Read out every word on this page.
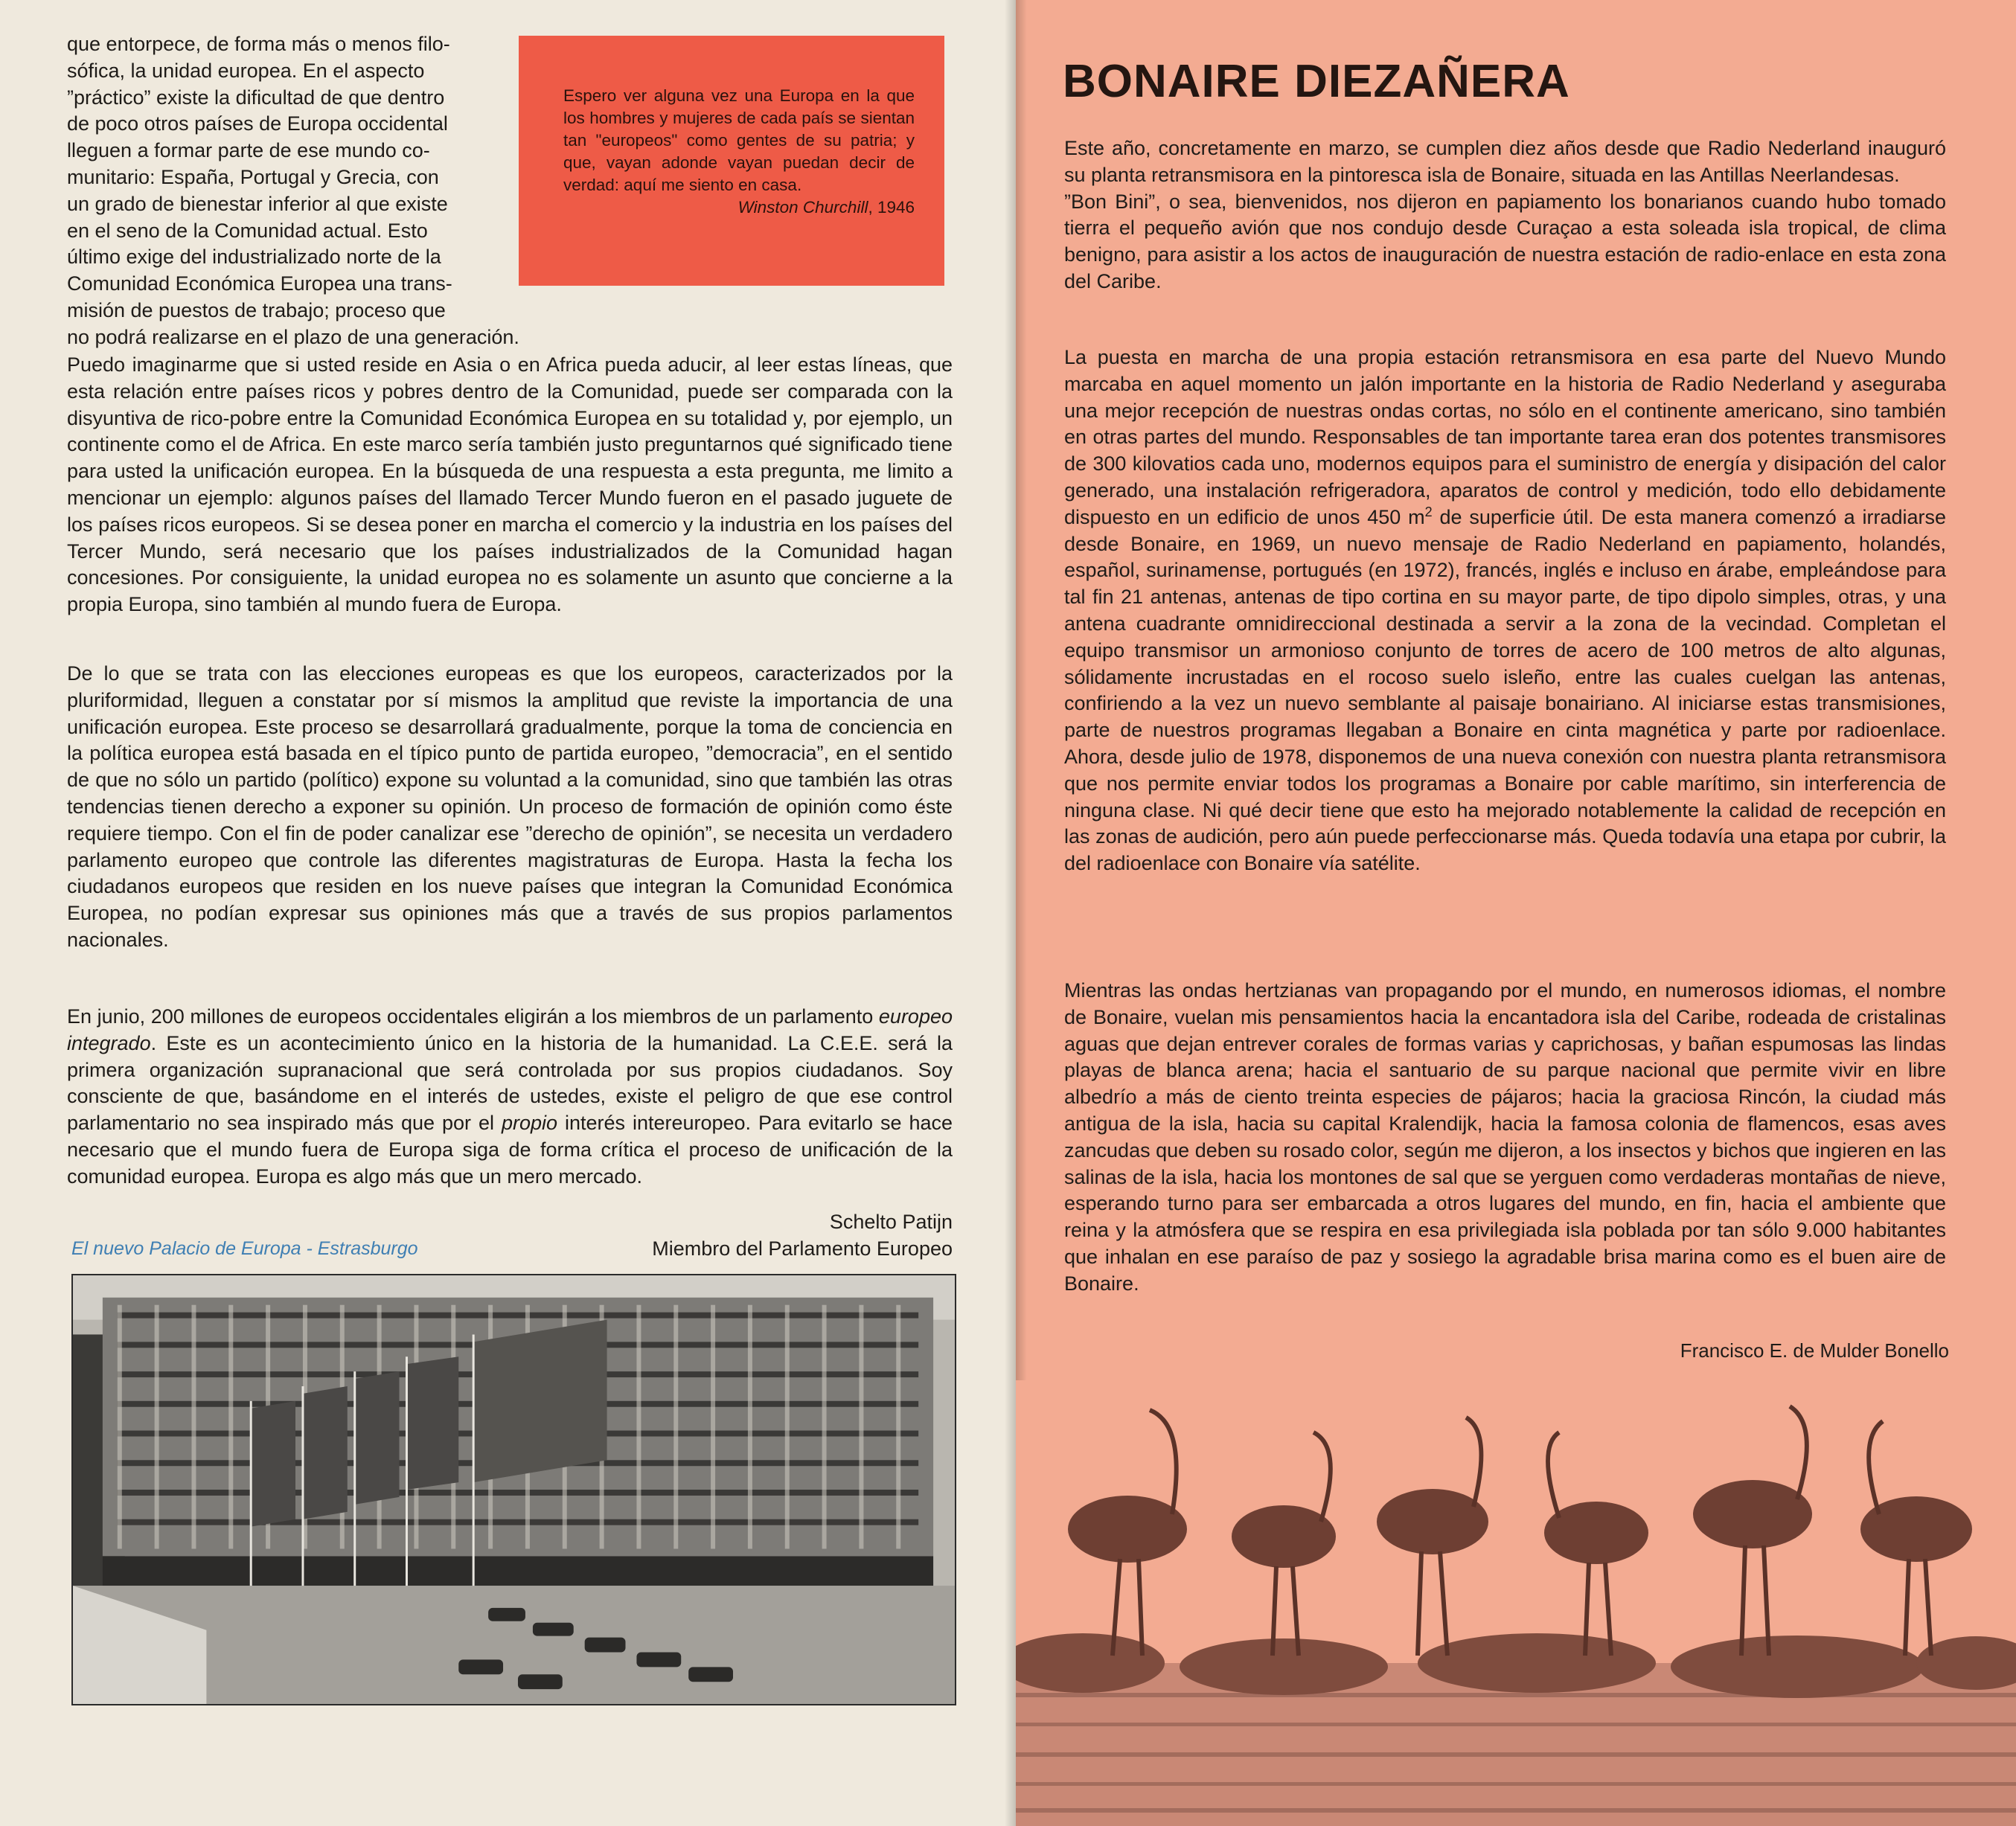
que entorpece, de forma más o menos filo-

sófica, la unidad europea. En el aspecto

”práctico” existe la dificultad de que dentro

de poco otros países de Europa occidental

lleguen a formar parte de ese mundo co-

munitario: España, Portugal y Grecia, con

un grado de bienestar inferior al que existe

en el seno de la Comunidad actual. Esto

último exige del industrializado norte de la

Comunidad Económica Europea una trans-

misión de puestos de trabajo; proceso que

no podrá realizarse en el plazo de una generación.

Espero ver alguna vez una Europa en la que los hombres y mujeres de cada país se sientan tan "europeos" como gentes de su patria; y que, vayan adonde vayan puedan decir de verdad: aquí me siento en casa.
Winston Churchill, 1946

Puedo imaginarme que si usted reside en Asia o en Africa pueda aducir, al leer estas líneas, que esta relación entre países ricos y pobres dentro de la Comunidad, puede ser comparada con la disyuntiva de rico-pobre entre la Comunidad Económica Europea en su totalidad y, por ejemplo, un continente como el de Africa. En este marco sería también justo preguntarnos qué significado tiene para usted la unificación europea. En la búsqueda de una respuesta a esta pregunta, me limito a mencionar un ejemplo: algunos países del llamado Tercer Mundo fueron en el pasado juguete de los países ricos europeos. Si se desea poner en marcha el comercio y la industria en los países del Tercer Mundo, será necesario que los países industrializados de la Comunidad hagan concesiones. Por consiguiente, la unidad europea no es solamente un asunto que concierne a la propia Europa, sino también al mundo fuera de Europa.

De lo que se trata con las elecciones europeas es que los europeos, caracterizados por la pluriformidad, lleguen a constatar por sí mismos la amplitud que reviste la importancia de una unificación europea. Este proceso se desarrollará gradualmente, porque la toma de conciencia en la política europea está basada en el típico punto de partida europeo, ”democracia”, en el sentido de que no sólo un partido (político) expone su voluntad a la comunidad, sino que también las otras tendencias tienen derecho a exponer su opinión. Un proceso de formación de opinión como éste requiere tiempo. Con el fin de poder canalizar ese ”derecho de opinión”, se necesita un verdadero parlamento europeo que controle las diferentes magistraturas de Europa. Hasta la fecha los ciudadanos europeos que residen en los nueve países que integran la Comunidad Económica Europea, no podían expresar sus opiniones más que a través de sus propios parlamentos nacionales.

En junio, 200 millones de europeos occidentales eligirán a los miembros de un parlamento europeo integrado. Este es un acontecimiento único en la historia de la humanidad. La C.E.E. será la primera organización supranacional que será controlada por sus propios ciudadanos. Soy consciente de que, basándome en el interés de ustedes, existe el peligro de que ese control parlamentario no sea inspirado más que por el propio interés intereuropeo. Para evitarlo se hace necesario que el mundo fuera de Europa siga de forma crítica el proceso de unificación de la comunidad europea. Europa es algo más que un mero mercado.

Schelto Patijn
Miembro del Parlamento Europeo
El nuevo Palacio de Europa - Estrasburgo
BONAIRE DIEZAÑERA

Este año, concretamente en marzo, se cumplen diez años desde que Radio Nederland inauguró su planta retransmisora en la pintoresca isla de Bonaire, situada en las Antillas Neerlandesas.

”Bon Bini”, o sea, bienvenidos, nos dijeron en papiamento los bonarianos cuando hubo tomado tierra el pequeño avión que nos condujo desde Curaçao a esta soleada isla tropical, de clima benigno, para asistir a los actos de inauguración de nuestra estación de radio-enlace en esta zona del Caribe.

La puesta en marcha de una propia estación retransmisora en esa parte del Nuevo Mundo marcaba en aquel momento un jalón importante en la historia de Radio Nederland y aseguraba una mejor recepción de nuestras ondas cortas, no sólo en el continente americano, sino también en otras partes del mundo. Responsables de tan importante tarea eran dos potentes transmisores de 300 kilovatios cada uno, modernos equipos para el suministro de energía y disipación del calor generado, una instalación refrigeradora, aparatos de control y medición, todo ello debidamente dispuesto en un edificio de unos 450 $m^2$ de superficie útil. De esta manera comenzó a irradiarse desde Bonaire, en 1969, un nuevo mensaje de Radio Nederland en papiamento, holandés, español, surinamense, portugués (en 1972), francés, inglés e incluso en árabe, empleándose para tal fin 21 antenas, antenas de tipo cortina en su mayor parte, de tipo dipolo simples, otras, y una antena cuadrante omnidireccional destinada a servir a la zona de la vecindad. Completan el equipo transmisor un armonioso conjunto de torres de acero de 100 metros de alto algunas, sólidamente incrustadas en el rocoso suelo isleño, entre las cuales cuelgan las antenas, confiriendo a la vez un nuevo semblante al paisaje bonairiano. Al iniciarse estas transmisiones, parte de nuestros programas llegaban a Bonaire en cinta magnética y parte por radioenlace. Ahora, desde julio de 1978, disponemos de una nueva conexión con nuestra planta retransmisora que nos permite enviar todos los programas a Bonaire por cable marítimo, sin interferencia de ninguna clase. Ni qué decir tiene que esto ha mejorado notablemente la calidad de recepción en las zonas de audición, pero aún puede perfeccionarse más. Queda todavía una etapa por cubrir, la del radioenlace con Bonaire vía satélite.

Mientras las ondas hertzianas van propagando por el mundo, en numerosos idiomas, el nombre de Bonaire, vuelan mis pensamientos hacia la encantadora isla del Caribe, rodeada de cristalinas aguas que dejan entrever corales de formas varias y caprichosas, y bañan espumosas las lindas playas de blanca arena; hacia el santuario de su parque nacional que permite vivir en libre albedrío a más de ciento treinta especies de pájaros; hacia la graciosa Rincón, la ciudad más antigua de la isla, hacia su capital Kralendijk, hacia la famosa colonia de flamencos, esas aves zancudas que deben su rosado color, según me dijeron, a los insectos y bichos que ingieren en las salinas de la isla, hacia los montones de sal que se yerguen como verdaderas montañas de nieve, esperando turno para ser embarcada a otros lugares del mundo, en fin, hacia el ambiente que reina y la atmósfera que se respira en esa privilegiada isla poblada por tan sólo 9.000 habitantes que inhalan en ese paraíso de paz y sosiego la agradable brisa marina como es el buen aire de Bonaire.

Francisco E. de Mulder Bonello
